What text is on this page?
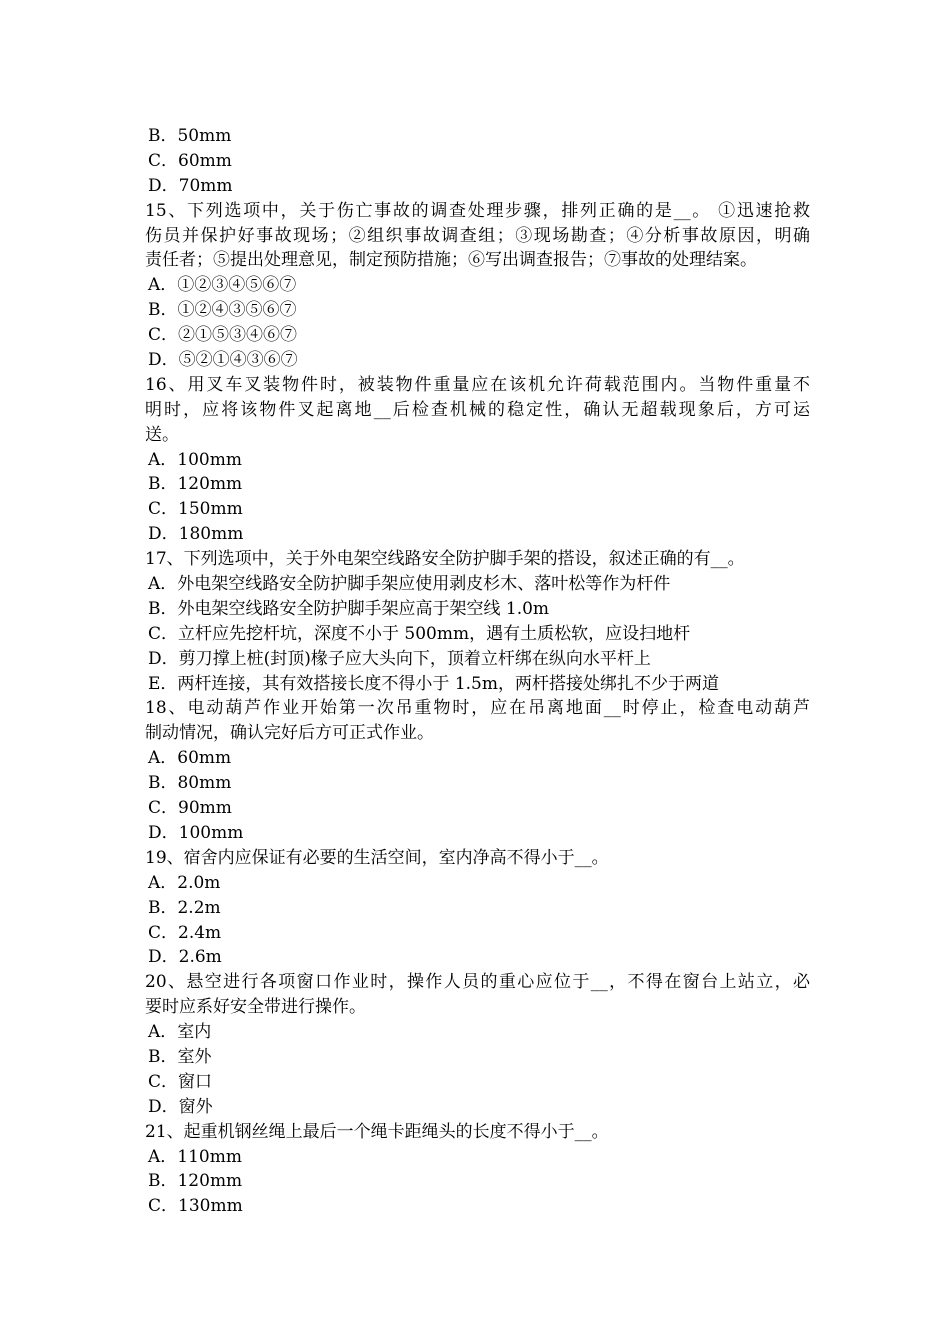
B．50mm
C．60mm
D．70mm
15、下列选项中，关于伤亡事故的调查处理步骤，排列正确的是__。 ①迅速抢救
伤员并保护好事故现场；②组织事故调查组；③现场勘查；④分析事故原因，明确
责任者；⑤提出处理意见，制定预防措施；⑥写出调查报告；⑦事故的处理结案。
A．①②③④⑤⑥⑦
B．①②④③⑤⑥⑦
C．②①⑤③④⑥⑦
D．⑤②①④③⑥⑦
16、用叉车叉装物件时，被装物件重量应在该机允许荷载范围内。当物件重量不
明时，应将该物件叉起离地__后检查机械的稳定性，确认无超载现象后，方可运
送。
A．100mm
B．120mm
C．150mm
D．180mm
17、下列选项中，关于外电架空线路安全防护脚手架的搭设，叙述正确的有__。
A．外电架空线路安全防护脚手架应使用剥皮杉木、落叶松等作为杆件
B．外电架空线路安全防护脚手架应高于架空线 1.0m
C．立杆应先挖杆坑，深度不小于 500mm，遇有土质松软，应设扫地杆
D．剪刀撑上桩(封顶)椽子应大头向下，顶着立杆绑在纵向水平杆上
E．两杆连接，其有效搭接长度不得小于 1.5m，两杆搭接处绑扎不少于两道
18、电动葫芦作业开始第一次吊重物时，应在吊离地面__时停止，检查电动葫芦
制动情况，确认完好后方可正式作业。
A．60mm
B．80mm
C．90mm
D．100mm
19、宿舍内应保证有必要的生活空间，室内净高不得小于__。
A．2.0m
B．2.2m
C．2.4m
D．2.6m
20、悬空进行各项窗口作业时，操作人员的重心应位于__，不得在窗台上站立，必
要时应系好安全带进行操作。
A．室内
B．室外
C．窗口
D．窗外
21、起重机钢丝绳上最后一个绳卡距绳头的长度不得小于__。
A．110mm
B．120mm
C．130mm
